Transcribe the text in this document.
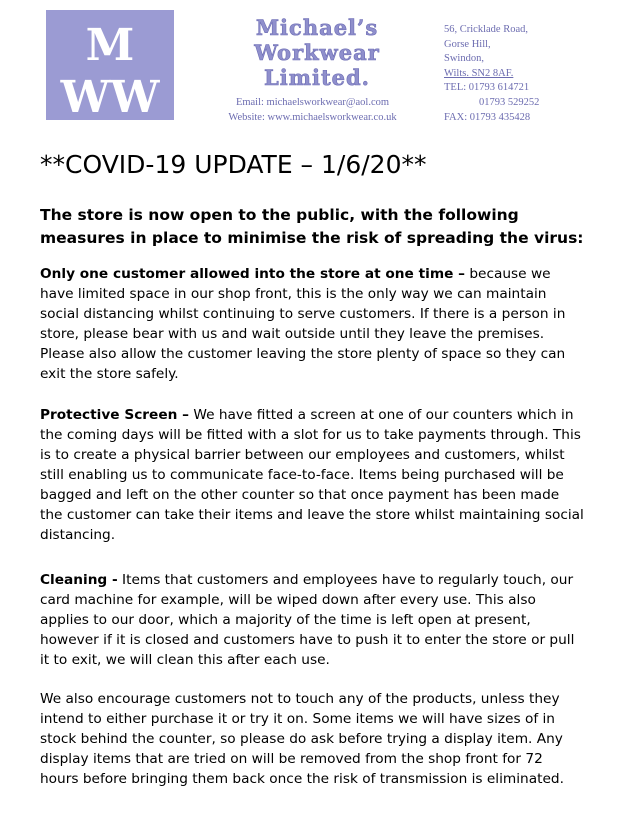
M
WW
Michael’s
Workwear
Limited.
Email: michaelsworkwear@aol.com
Website: www.michaelsworkwear.co.uk
56, Cricklade Road,
Gorse Hill,
Swindon,
Wilts. SN2 8AF.
TEL: 01793 614721
01793 529252
FAX: 01793 435428
**COVID-19 UPDATE – 1/6/20**
The store is now open to the public, with the following measures in place to minimise the risk of spreading the virus:
Only one customer allowed into the store at one time – because we have limited space in our shop front, this is the only way we can maintain social distancing whilst continuing to serve customers. If there is a person in store, please bear with us and wait outside until they leave the premises. Please also allow the customer leaving the store plenty of space so they can exit the store safely.
Protective Screen – We have fitted a screen at one of our counters which in the coming days will be fitted with a slot for us to take payments through. This is to create a physical barrier between our employees and customers, whilst still enabling us to communicate face-to-face. Items being purchased will be bagged and left on the other counter so that once payment has been made the customer can take their items and leave the store whilst maintaining social distancing.
Cleaning - Items that customers and employees have to regularly touch, our card machine for example, will be wiped down after every use. This also applies to our door, which a majority of the time is left open at present, however if it is closed and customers have to push it to enter the store or pull it to exit, we will clean this after each use.
We also encourage customers not to touch any of the products, unless they intend to either purchase it or try it on. Some items we will have sizes of in stock behind the counter, so please do ask before trying a display item. Any display items that are tried on will be removed from the shop front for 72 hours before bringing them back once the risk of transmission is eliminated.
